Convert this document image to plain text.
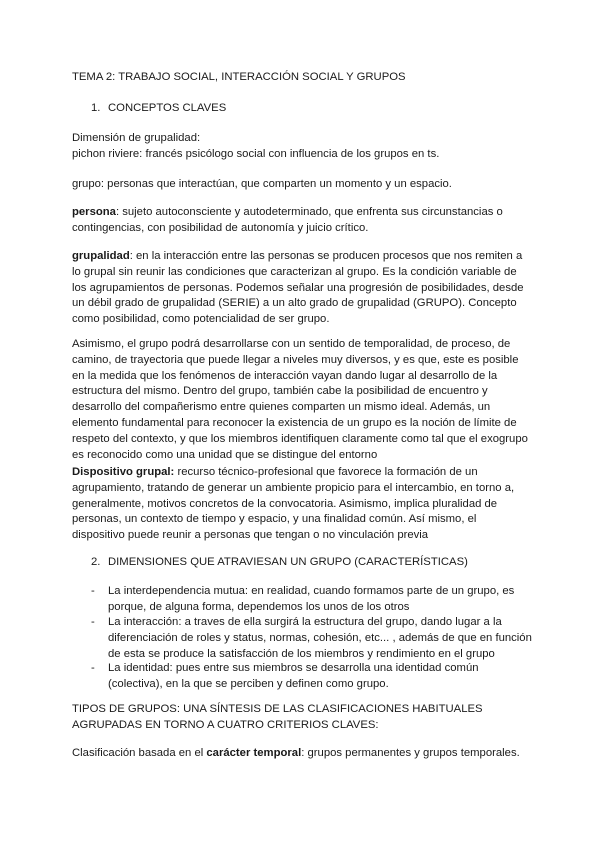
TEMA 2: TRABAJO SOCIAL, INTERACCIÓN SOCIAL Y GRUPOS

1. CONCEPTOS CLAVES

Dimensión de grupalidad:

pichon riviere: francés psicólogo social con influencia de los grupos en ts.

grupo: personas que interactúan, que comparten un momento y un espacio.

persona: sujeto autoconsciente y autodeterminado, que enfrenta sus circunstancias o contingencias, con posibilidad de autonomía y juicio crítico.

grupalidad: en la interacción entre las personas se producen procesos que nos remiten a lo grupal sin reunir las condiciones que caracterizan al grupo. Es la condición variable de los agrupamientos de personas. Podemos señalar una progresión de posibilidades, desde un débil grado de grupalidad (SERIE) a un alto grado de grupalidad (GRUPO). Concepto como posibilidad, como potencialidad de ser grupo.

Asimismo, el grupo podrá desarrollarse con un sentido de temporalidad, de proceso, de camino, de trayectoria que puede llegar a niveles muy diversos, y es que, este es posible en la medida que los fenómenos de interacción vayan dando lugar al desarrollo de la estructura del mismo. Dentro del grupo, también cabe la posibilidad de encuentro y desarrollo del compañerismo entre quienes comparten un mismo ideal. Además, un elemento fundamental para reconocer la existencia de un grupo es la noción de límite de respeto del contexto, y que los miembros identifiquen claramente como tal que el exogrupo es reconocido como una unidad que se distingue del entorno

Dispositivo grupal: recurso técnico-profesional que favorece la formación de un agrupamiento, tratando de generar un ambiente propicio para el intercambio, en torno a, generalmente, motivos concretos de la convocatoria. Asimismo, implica pluralidad de personas, un contexto de tiempo y espacio, y una finalidad común. Así mismo, el dispositivo puede reunir a personas que tengan o no vinculación previa

2. DIMENSIONES QUE ATRAVIESAN UN GRUPO (CARACTERÍSTICAS)
- La interdependencia mutua: en realidad, cuando formamos parte de un grupo, es porque, de alguna forma, dependemos los unos de los otros
- La interacción: a traves de ella surgirá la estructura del grupo, dando lugar a la diferenciación de roles y status, normas, cohesión, etc... , además de que en función de esta se produce la satisfacción de los miembros y rendimiento en el grupo
- La identidad: pues entre sus miembros se desarrolla una identidad común (colectiva), en la que se perciben y definen como grupo.

TIPOS DE GRUPOS: UNA SÍNTESIS DE LAS CLASIFICACIONES HABITUALES AGRUPADAS EN TORNO A CUATRO CRITERIOS CLAVES:

Clasificación basada en el carácter temporal: grupos permanentes y grupos temporales.
